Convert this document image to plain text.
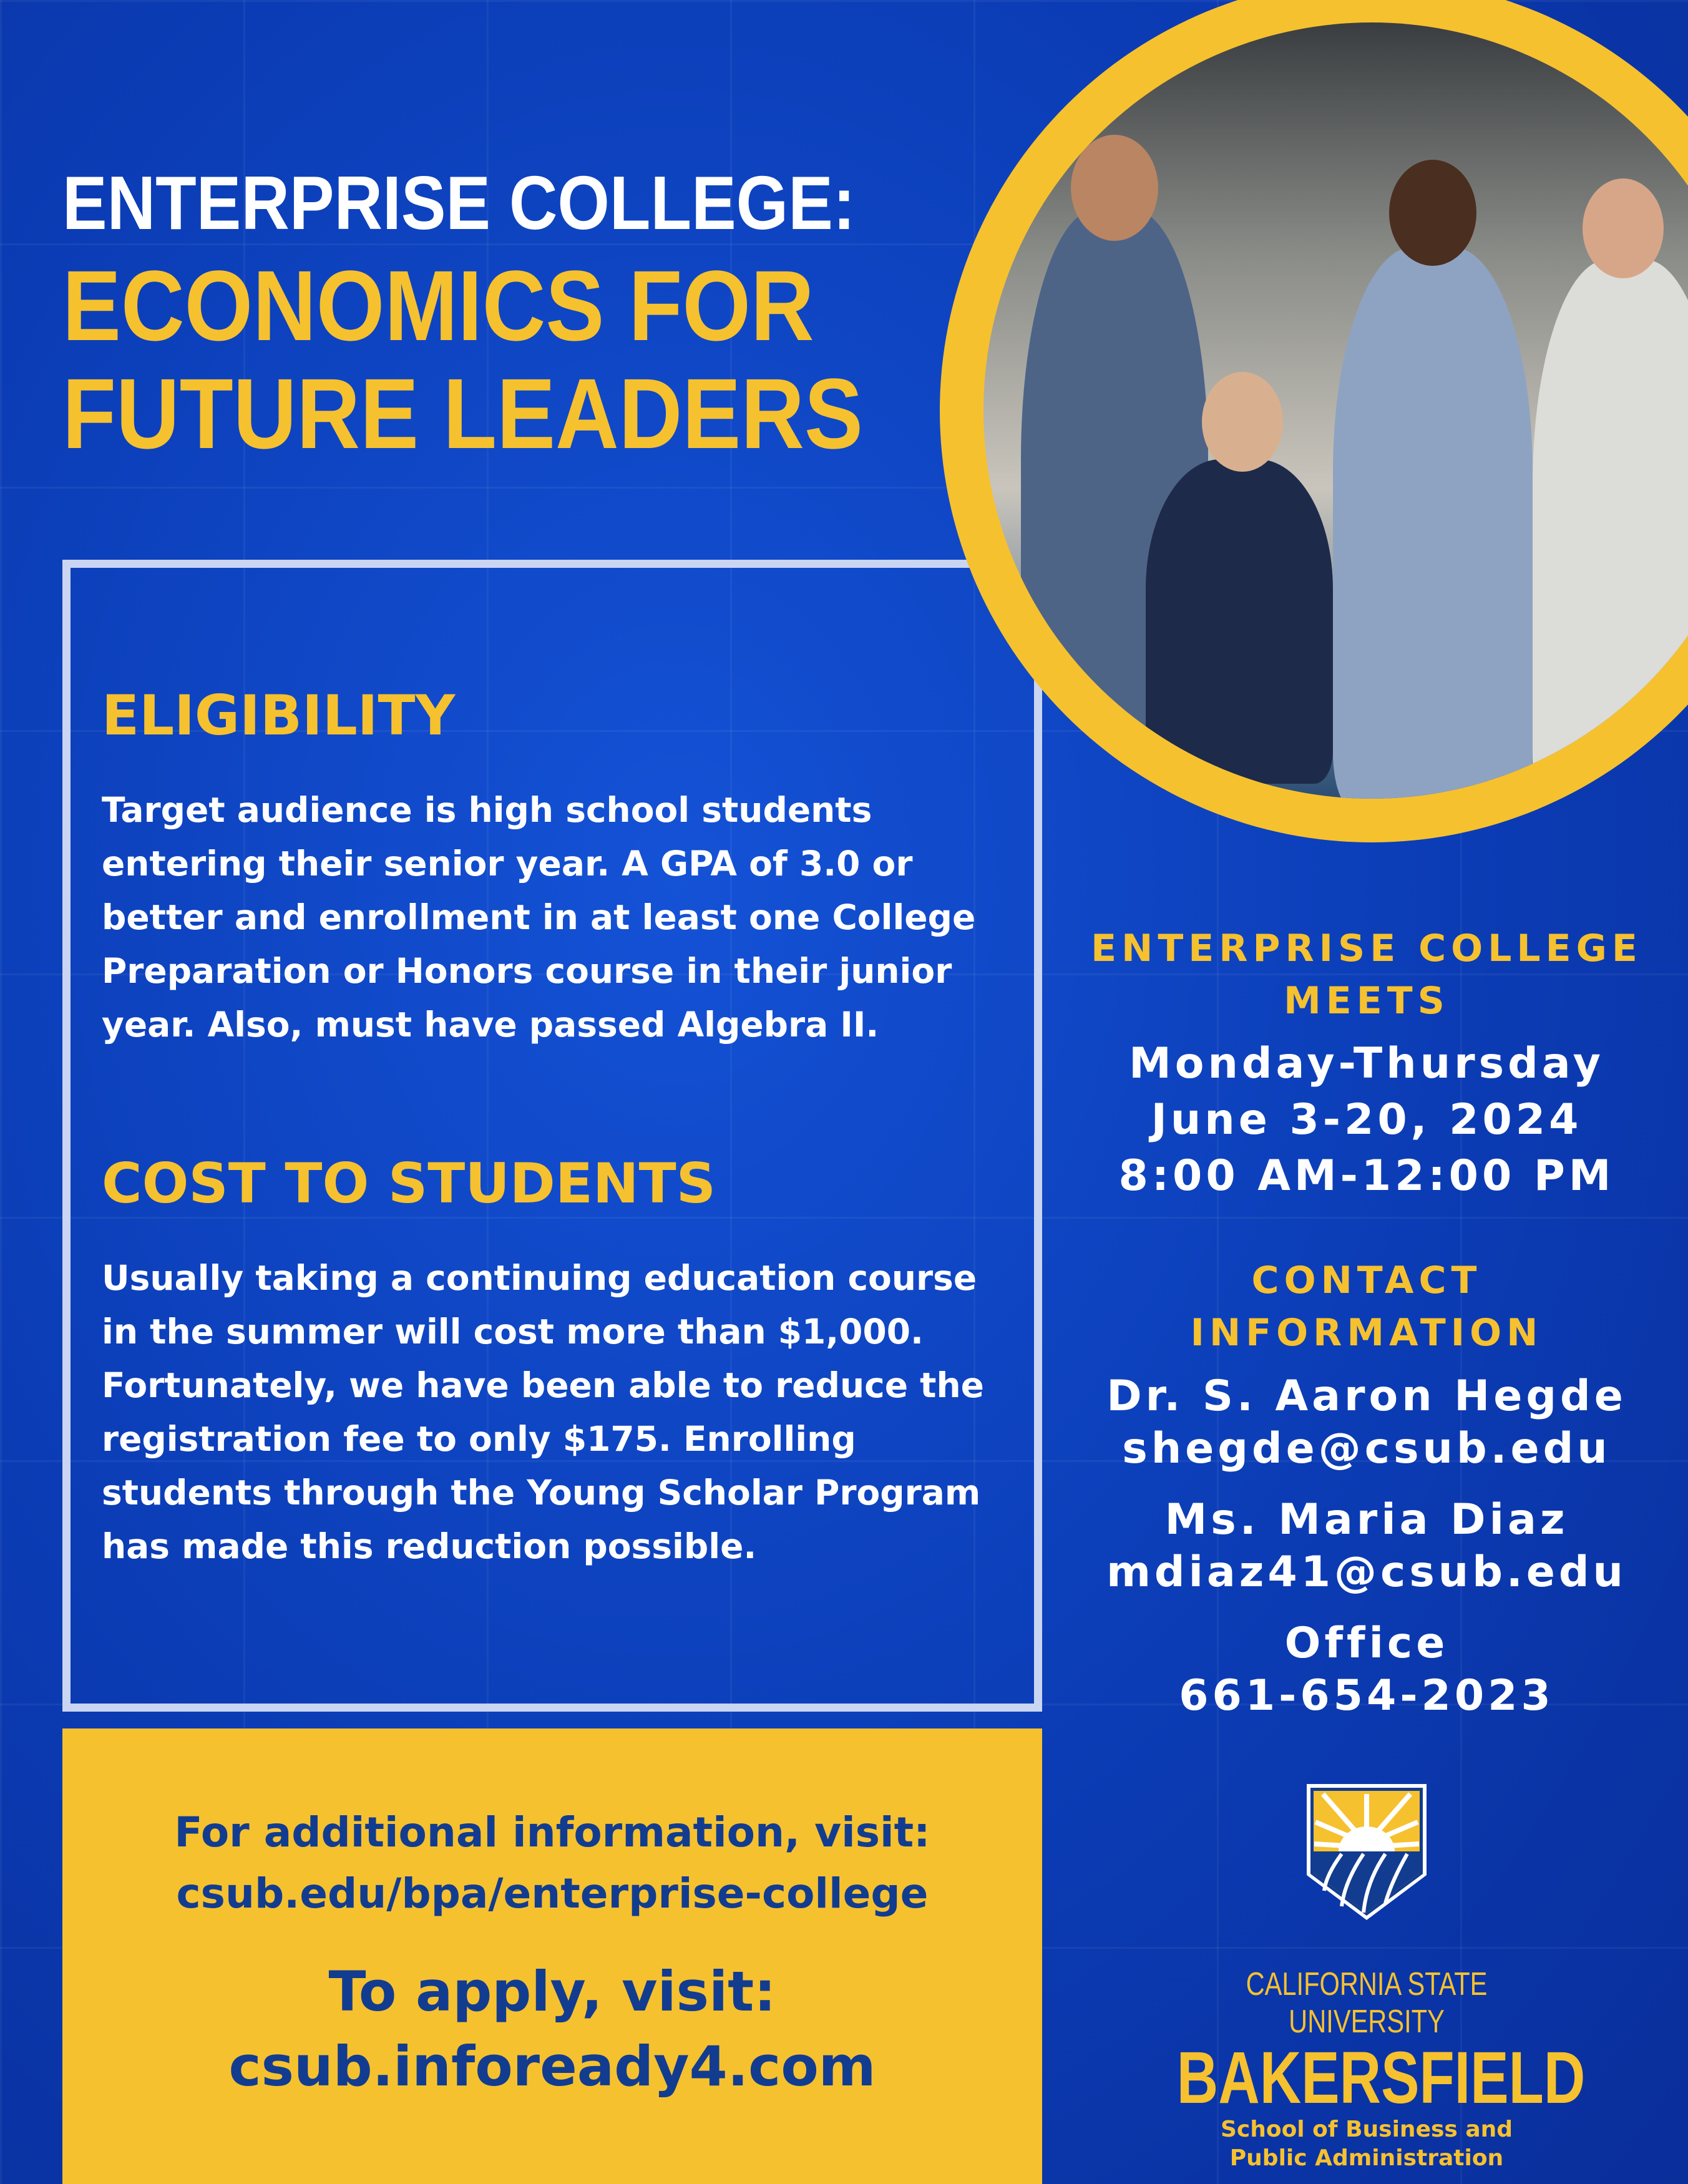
ENTERPRISE COLLEGE:
ECONOMICS FOR
FUTURE LEADERS
ELIGIBILITY
Target audience is high school students entering their senior year. A GPA of 3.0 or better and enrollment in at least one College Preparation or Honors course in their junior year. Also, must have passed Algebra II.
COST TO STUDENTS
Usually taking a continuing education course in the summer will cost more than $1,000. Fortunately, we have been able to reduce the registration fee to only $175. Enrolling students through the Young Scholar Program has made this reduction possible.
For additional information, visit:
csub.edu/bpa/enterprise-college
To apply, visit:
csub.infoready4.com
ENTERPRISE COLLEGE
MEETS
Monday-Thursday
June 3-20, 2024
8:00 AM-12:00 PM
CONTACT
INFORMATION
Dr. S. Aaron Hegde
shegde@csub.edu
Ms. Maria Diaz
mdiaz41@csub.edu
Office
661-654-2023
CALIFORNIA STATE UNIVERSITY
BAKERSFIELD
School of Business and
Public Administration
